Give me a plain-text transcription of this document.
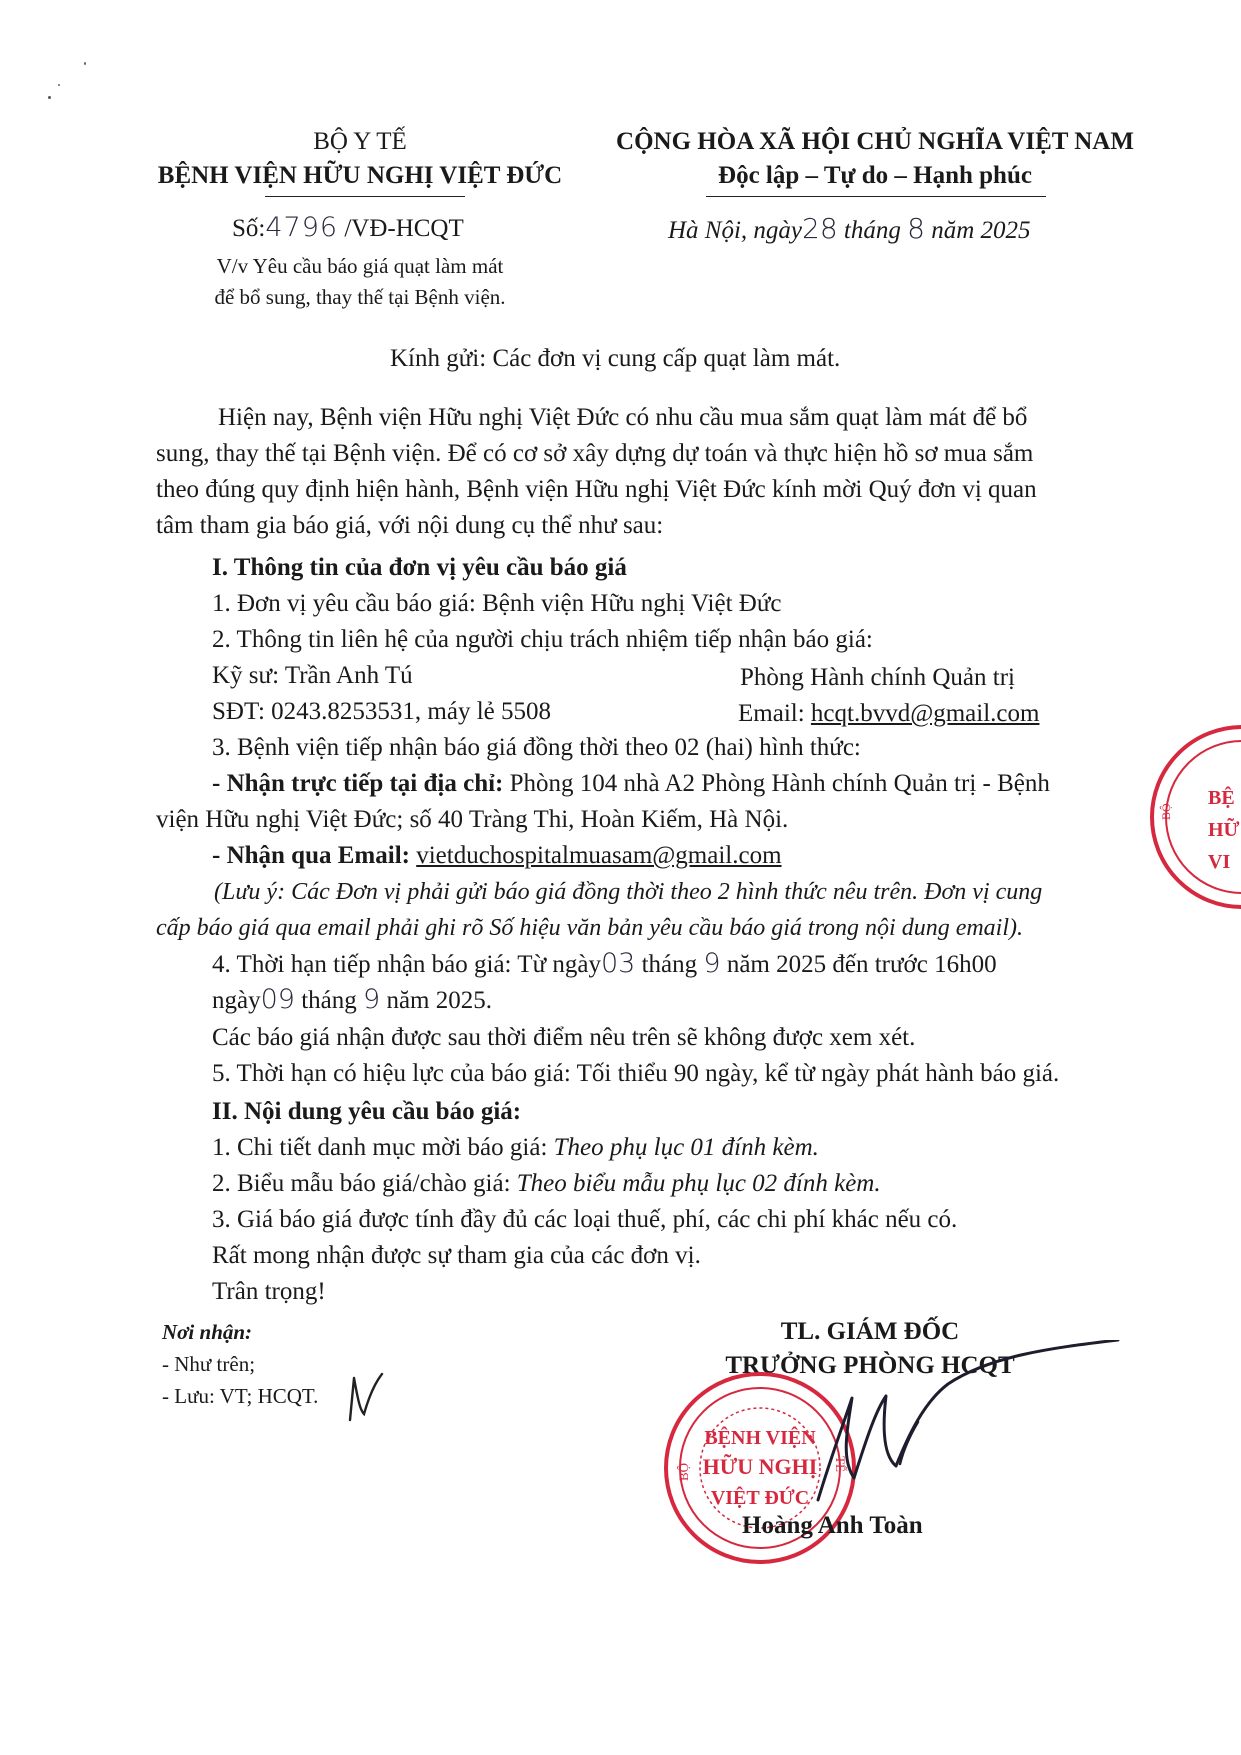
BỘ Y TẾ
BỆNH VIỆN HỮU NGHỊ VIỆT ĐỨC
Số:4796 /VĐ-HCQT
V/v Yêu cầu báo giá quạt làm mát
để bổ sung, thay thế tại Bệnh viện.
CỘNG HÒA XÃ HỘI CHỦ NGHĨA VIỆT NAM
Độc lập – Tự do – Hạnh phúc
Hà Nội, ngày28 tháng 8 năm 2025
Kính gửi: Các đơn vị cung cấp quạt làm mát.
Hiện nay, Bệnh viện Hữu nghị Việt Đức có nhu cầu mua sắm quạt làm mát để bổ
sung, thay thế tại Bệnh viện. Để có cơ sở xây dựng dự toán và thực hiện hồ sơ mua sắm
theo đúng quy định hiện hành, Bệnh viện Hữu nghị Việt Đức kính mời Quý đơn vị quan
tâm tham gia báo giá, với nội dung cụ thể như sau:
I. Thông tin của đơn vị yêu cầu báo giá
1. Đơn vị yêu cầu báo giá: Bệnh viện Hữu nghị Việt Đức
2. Thông tin liên hệ của người chịu trách nhiệm tiếp nhận báo giá:
Kỹ sư: Trần Anh Tú	Phòng Hành chính Quản trị
SĐT: 0243.8253531, máy lẻ 5508	Email: hcqt.bvvd@gmail.com
3. Bệnh viện tiếp nhận báo giá đồng thời theo 02 (hai) hình thức:
- Nhận trực tiếp tại địa chỉ: Phòng 104 nhà A2 Phòng Hành chính Quản trị - Bệnh
viện Hữu nghị Việt Đức; số 40 Tràng Thi, Hoàn Kiếm, Hà Nội.
- Nhận qua Email: vietduchospitalmuasam@gmail.com
(Lưu ý: Các Đơn vị phải gửi báo giá đồng thời theo 2 hình thức nêu trên. Đơn vị cung
cấp báo giá qua email phải ghi rõ Số hiệu văn bản yêu cầu báo giá trong nội dung email).
4. Thời hạn tiếp nhận báo giá: Từ ngày03 tháng 9 năm 2025 đến trước 16h00
ngày09 tháng 9 năm 2025.
Các báo giá nhận được sau thời điểm nêu trên sẽ không được xem xét.
5. Thời hạn có hiệu lực của báo giá: Tối thiểu 90 ngày, kể từ ngày phát hành báo giá.
II. Nội dung yêu cầu báo giá:
1. Chi tiết danh mục mời báo giá: Theo phụ lục 01 đính kèm.
2. Biểu mẫu báo giá/chào giá: Theo biểu mẫu phụ lục 02 đính kèm.
3. Giá báo giá được tính đầy đủ các loại thuế, phí, các chi phí khác nếu có.
Rất mong nhận được sự tham gia của các đơn vị.
Trân trọng!
Nơi nhận:
- Như trên;
- Lưu: VT; HCQT.
TL. GIÁM ĐỐC
TRƯỞNG PHÒNG HCQT
BỆNH VIỆN
HỮU NGHỊ
VIỆT ĐỨC
BỘ	TẾ
Hoàng Anh Toàn
BỆ
HỮ
VI
BỘ
